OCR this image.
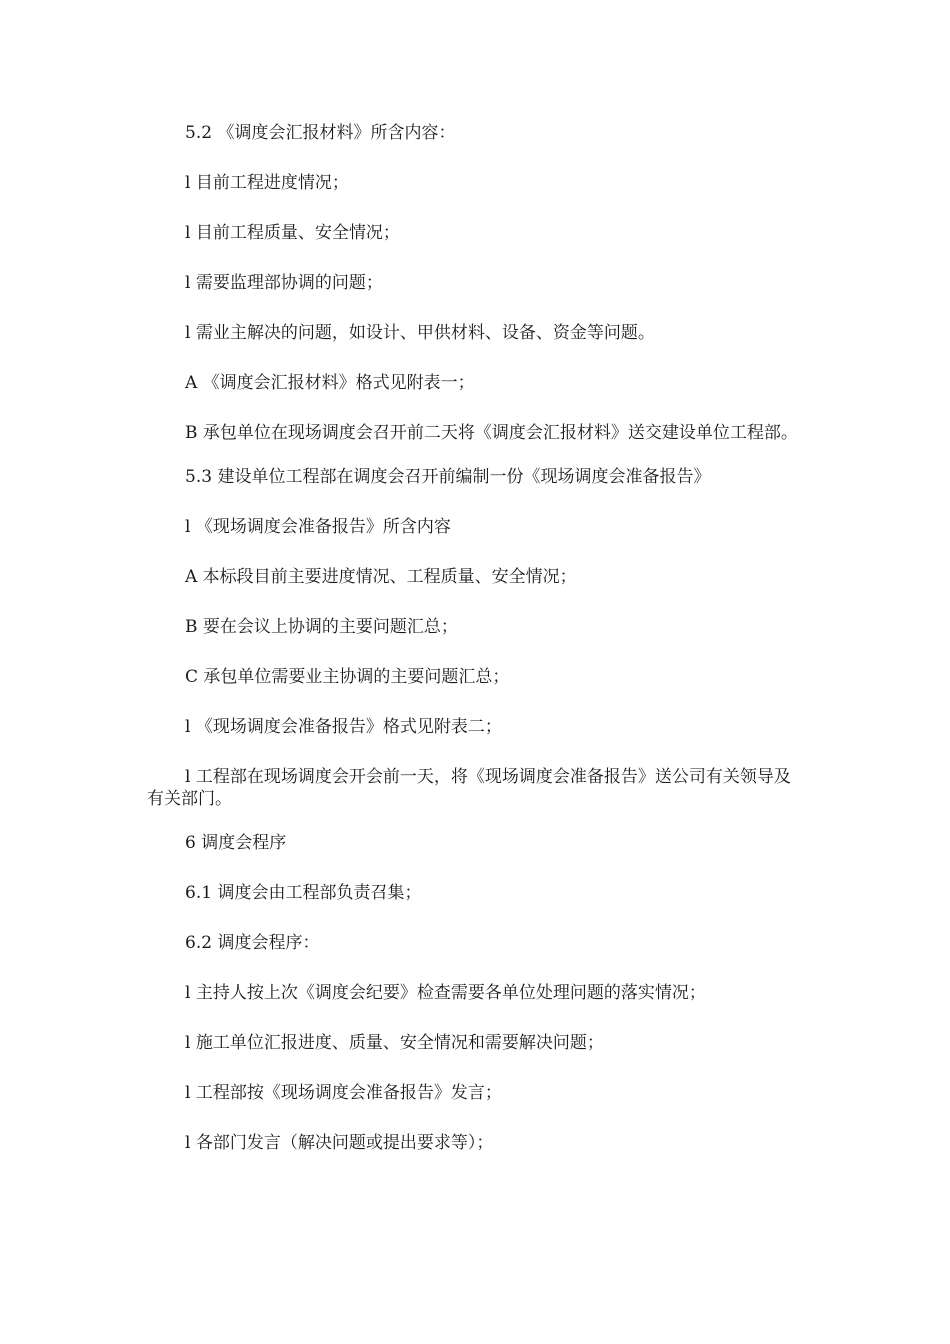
5.2 《调度会汇报材料》所含内容：

l 目前工程进度情况；

l 目前工程质量、安全情况；

l 需要监理部协调的问题；

l 需业主解决的问题，如设计、甲供材料、设备、资金等问题。

A 《调度会汇报材料》格式见附表一；

B 承包单位在现场调度会召开前二天将《调度会汇报材料》送交建设单位工程部。

5.3 建设单位工程部在调度会召开前编制一份《现场调度会准备报告》

l 《现场调度会准备报告》所含内容

A 本标段目前主要进度情况、工程质量、安全情况；

B 要在会议上协调的主要问题汇总；

C 承包单位需要业主协调的主要问题汇总；

l 《现场调度会准备报告》格式见附表二；

l 工程部在现场调度会开会前一天，将《现场调度会准备报告》送公司有关领导及有关部门。

6 调度会程序

6.1 调度会由工程部负责召集；

6.2 调度会程序：

l 主持人按上次《调度会纪要》检查需要各单位处理问题的落实情况；

l 施工单位汇报进度、质量、安全情况和需要解决问题；

l 工程部按《现场调度会准备报告》发言；

l 各部门发言（解决问题或提出要求等）；
